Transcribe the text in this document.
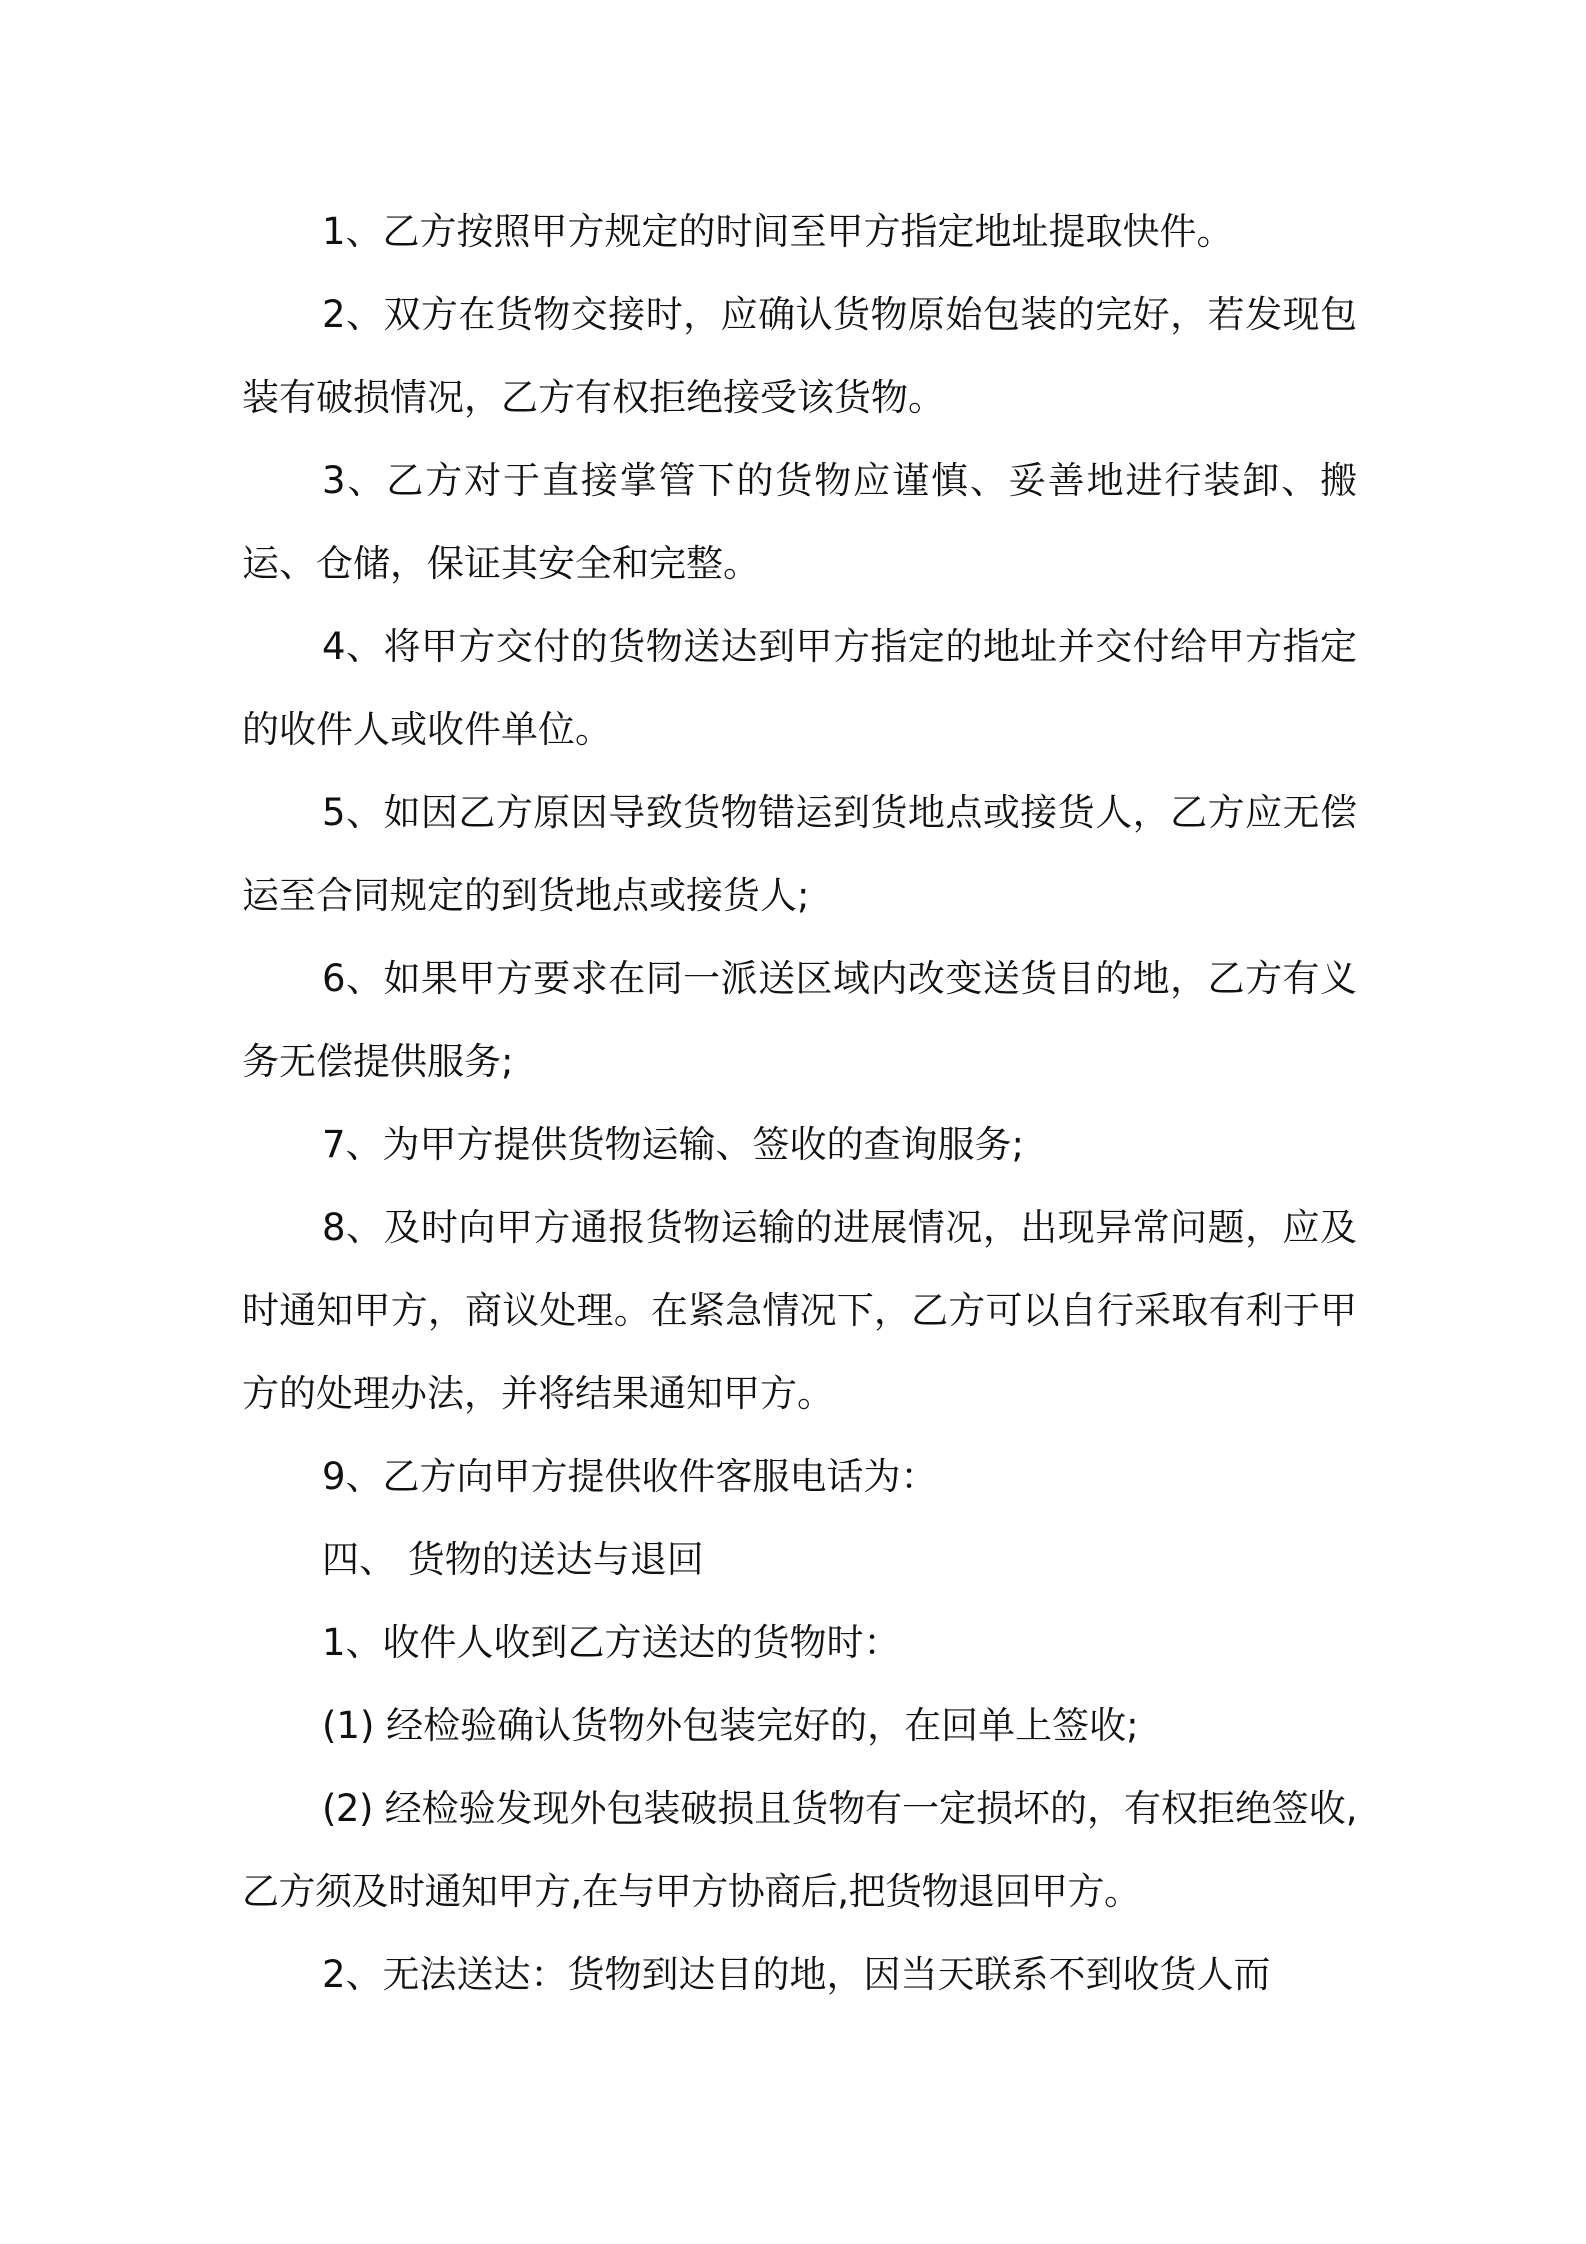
1、乙方按照甲方规定的时间至甲方指定地址提取快件。

2、双方在货物交接时，应确认货物原始包装的完好，若发现包装有破损情况，乙方有权拒绝接受该货物。

3、乙方对于直接掌管下的货物应谨慎、妥善地进行装卸、搬运、仓储，保证其安全和完整。

4、将甲方交付的货物送达到甲方指定的地址并交付给甲方指定的收件人或收件单位。

5、如因乙方原因导致货物错运到货地点或接货人，乙方应无偿运至合同规定的到货地点或接货人;

6、如果甲方要求在同一派送区域内改变送货目的地，乙方有义务无偿提供服务;

7、为甲方提供货物运输、签收的查询服务;

8、及时向甲方通报货物运输的进展情况，出现异常问题，应及时通知甲方，商议处理。在紧急情况下，乙方可以自行采取有利于甲方的处理办法，并将结果通知甲方。

9、乙方向甲方提供收件客服电话为：

四、 货物的送达与退回

1、收件人收到乙方送达的货物时：

(1) 经检验确认货物外包装完好的，在回单上签收;

(2) 经检验发现外包装破损且货物有一定损坏的，有权拒绝签收,乙方须及时通知甲方,在与甲方协商后,把货物退回甲方。

2、无法送达：货物到达目的地，因当天联系不到收货人而
